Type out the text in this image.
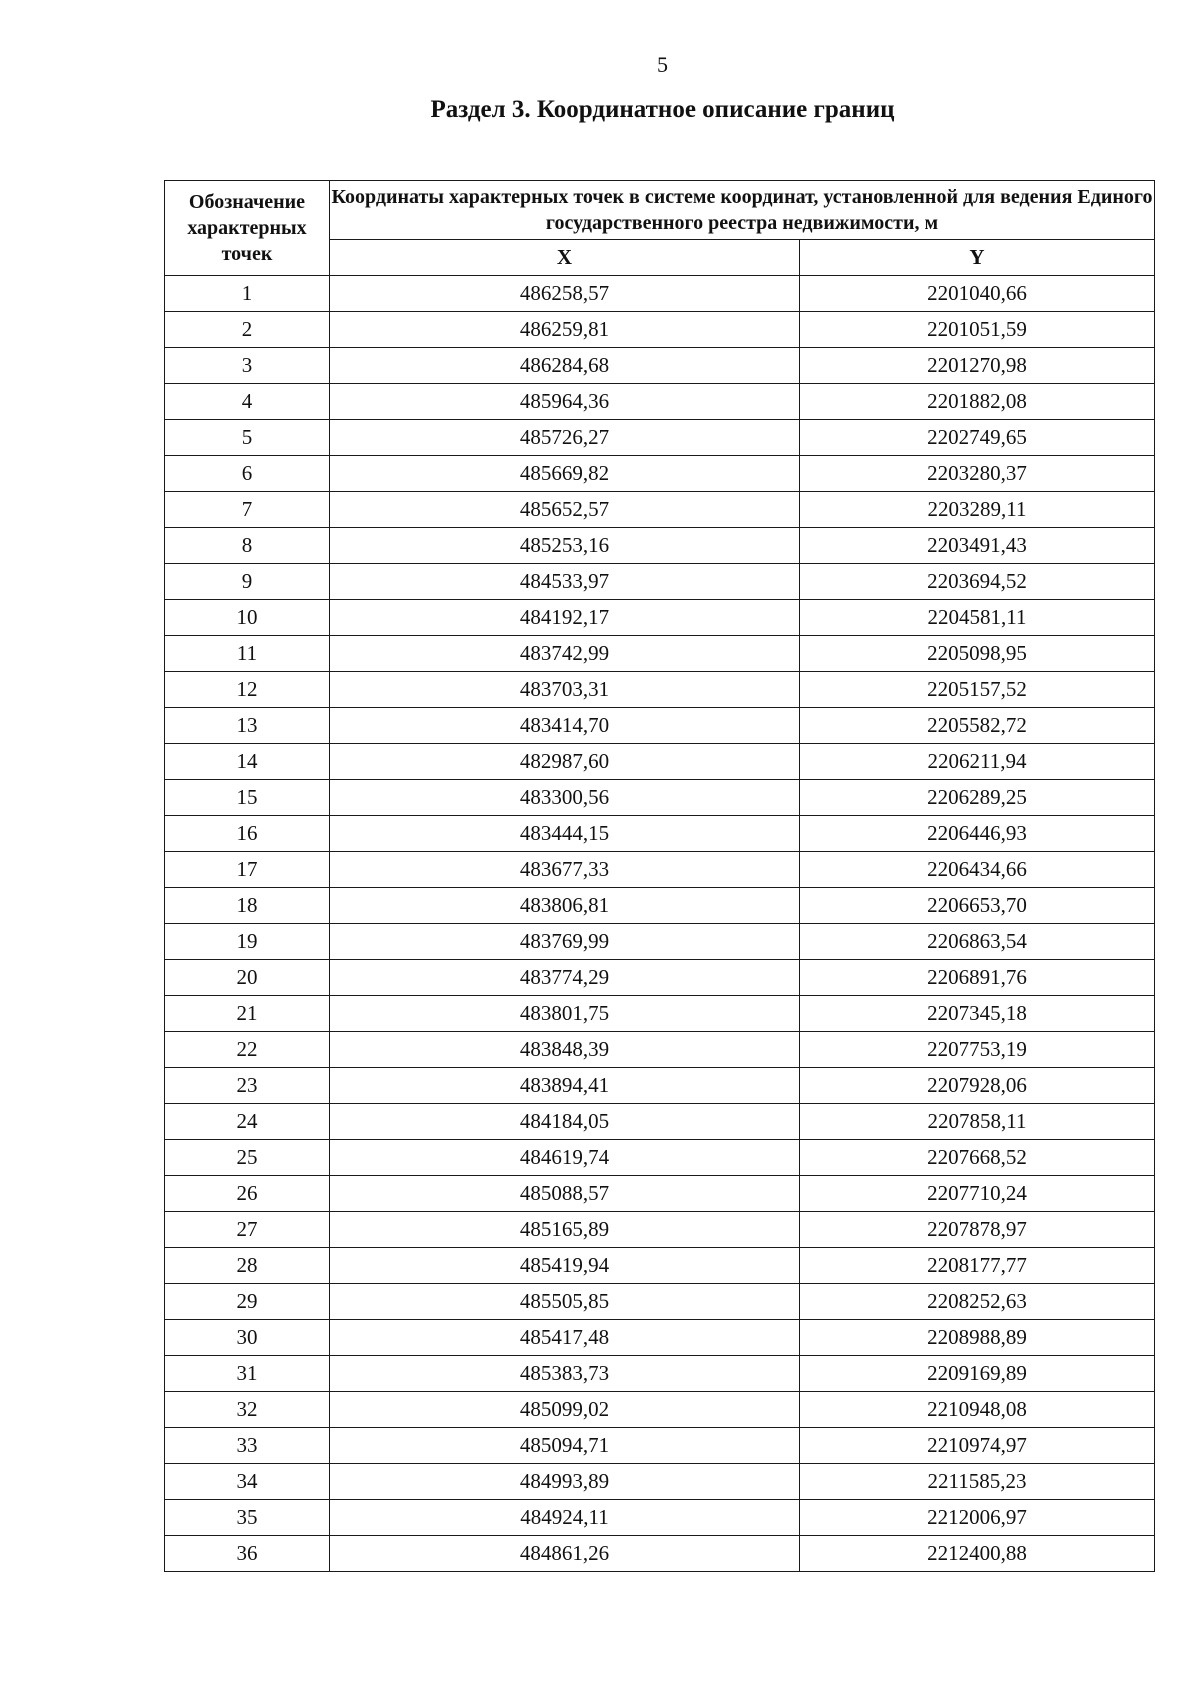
5
Раздел 3. Координатное описание границ
Обозначение характерных точек	Координаты характерных точек в системе координат, установленной для ведения Единого государственного реестра недвижимости, м	
	X	Y
1	486258,57	2201040,66
2	486259,81	2201051,59
3	486284,68	2201270,98
4	485964,36	2201882,08
5	485726,27	2202749,65
6	485669,82	2203280,37
7	485652,57	2203289,11
8	485253,16	2203491,43
9	484533,97	2203694,52
10	484192,17	2204581,11
11	483742,99	2205098,95
12	483703,31	2205157,52
13	483414,70	2205582,72
14	482987,60	2206211,94
15	483300,56	2206289,25
16	483444,15	2206446,93
17	483677,33	2206434,66
18	483806,81	2206653,70
19	483769,99	2206863,54
20	483774,29	2206891,76
21	483801,75	2207345,18
22	483848,39	2207753,19
23	483894,41	2207928,06
24	484184,05	2207858,11
25	484619,74	2207668,52
26	485088,57	2207710,24
27	485165,89	2207878,97
28	485419,94	2208177,77
29	485505,85	2208252,63
30	485417,48	2208988,89
31	485383,73	2209169,89
32	485099,02	2210948,08
33	485094,71	2210974,97
34	484993,89	2211585,23
35	484924,11	2212006,97
36	484861,26	2212400,88
